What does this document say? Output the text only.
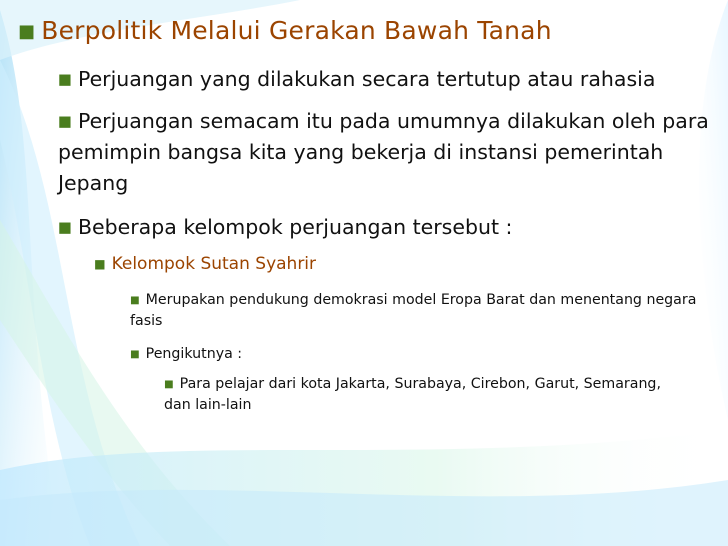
■ Berpolitik Melalui Gerakan Bawah Tanah
■ Perjuangan yang dilakukan secara tertutup atau rahasia
■ Perjuangan semacam itu pada umumnya dilakukan oleh para pemimpin bangsa kita yang bekerja di instansi pemerintah Jepang
■ Beberapa kelompok perjuangan tersebut :
■ Kelompok Sutan Syahrir
■ Merupakan pendukung demokrasi model Eropa Barat dan menentang negara fasis
■ Pengikutnya :
■ Para pelajar dari kota Jakarta, Surabaya, Cirebon, Garut, Semarang, dan lain-lain
